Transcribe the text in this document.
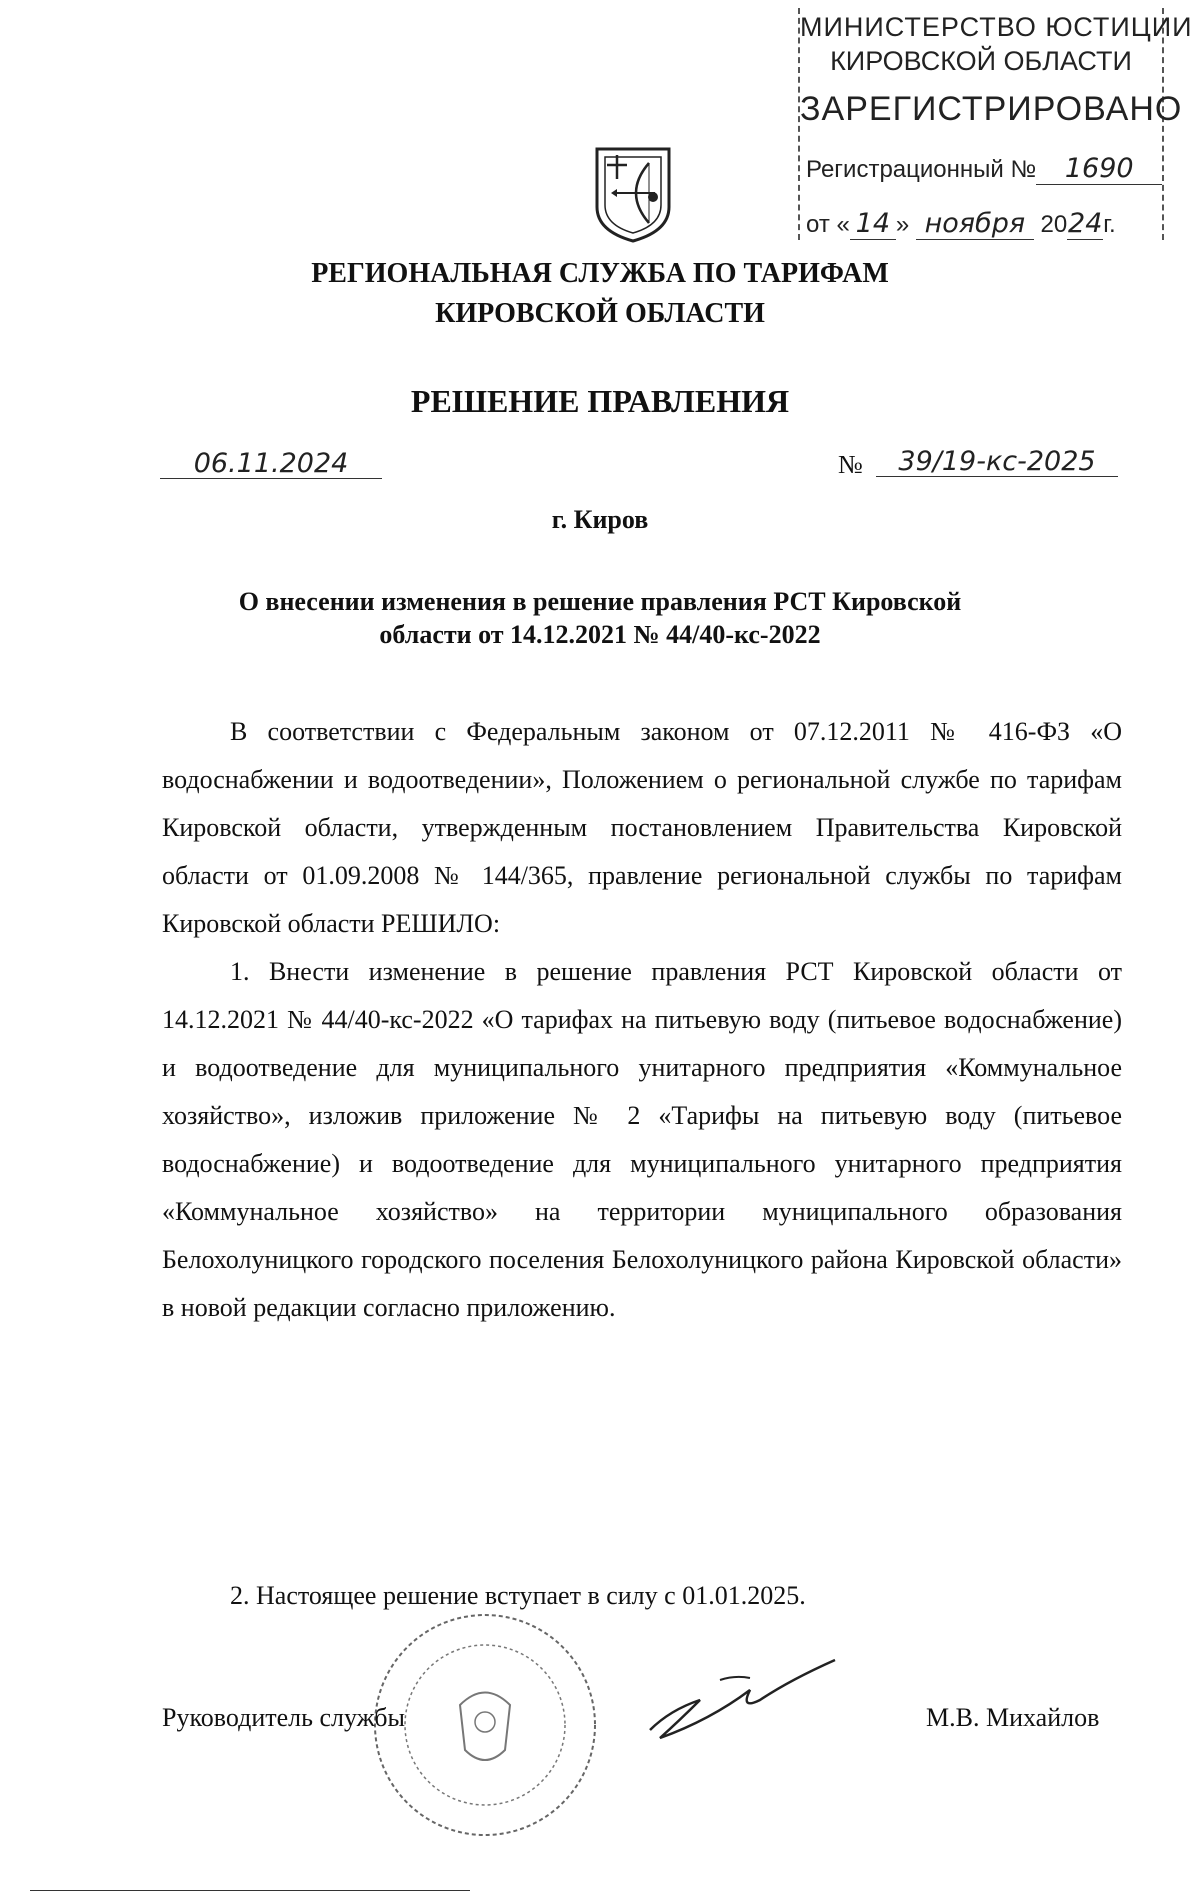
МИНИСТЕРСТВО ЮСТИЦИИ
КИРОВСКОЙ ОБЛАСТИ
ЗАРЕГИСТРИРОВАНО
Регистрационный № 1690
от « 14 » ноября 2024г.
РЕГИОНАЛЬНАЯ СЛУЖБА ПО ТАРИФАМ
КИРОВСКОЙ ОБЛАСТИ
РЕШЕНИЕ ПРАВЛЕНИЯ
06.11.2024	№	39/19-кс-2025
г. Киров
О внесении изменения в решение правления РСТ Кировской
области от 14.12.2021 № 44/40-кс-2022

В соответствии с Федеральным законом от 07.12.2011 № 416-ФЗ «О водоснабжении и водоотведении», Положением о региональной службе по тарифам Кировской области, утвержденным постановлением Правительства Кировской области от 01.09.2008 № 144/365, правление региональной службы по тарифам Кировской области РЕШИЛО:

1. Внести изменение в решение правления РСТ Кировской области от 14.12.2021 № 44/40-кс-2022 «О тарифах на питьевую воду (питьевое водоснабжение) и водоотведение для муниципального унитарного предприятия «Коммунальное хозяйство», изложив приложение № 2 «Тарифы на питьевую воду (питьевое водоснабжение) и водоотведение для муниципального унитарного предприятия «Коммунальное хозяйство» на территории муниципального образования Белохолуницкого городского поселения Белохолуницкого района Кировской области» в новой редакции согласно приложению.

2. Настоящее решение вступает в силу с 01.01.2025.

Руководитель службы	М.В. Михайлов
